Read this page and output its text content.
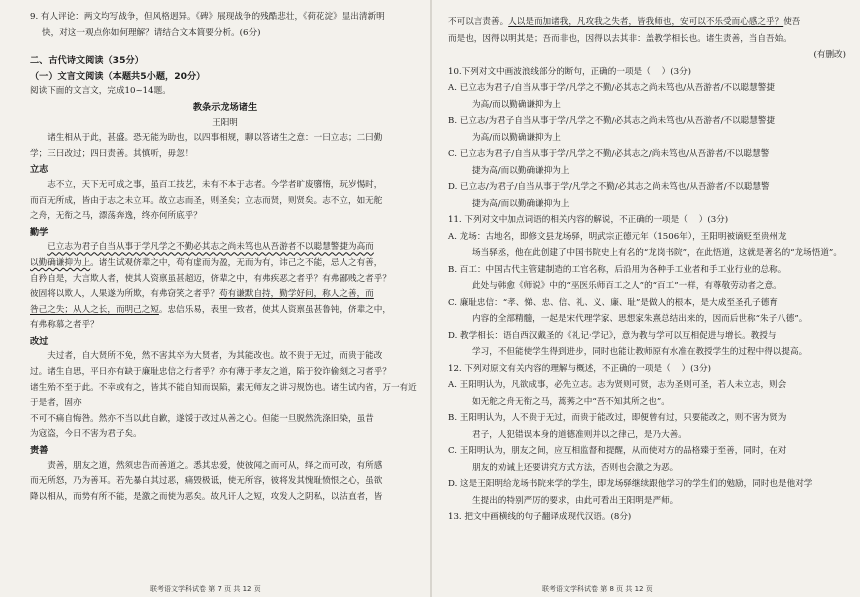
9. 有人评论：两文均写战争，但风格迥异。《碑》展现战争的残酷悲壮，《荷花淀》显出清新明

快，对这一观点你如何理解？请结合文本简要分析。(6分)

二、古代诗文阅读（35分）

（一）文言文阅读（本题共5小题，20分）

阅读下面的文言文，完成10~14题。

教条示龙场诸生

王阳明

诸生相从于此，甚盛。恐无能为助也，以四事相规，聊以答诸生之意：一曰立志；二曰勤

学；三曰改过；四曰责善。其慎听，毋忽！

立志

志不立，天下无可成之事，虽百工技艺，未有不本于志者。今学者旷废隳惰，玩岁惕时，

而百无所成，皆由于志之未立耳。故立志而圣，则圣矣；立志而贤，则贤矣。志不立，如无舵

之舟，无衔之马，漂荡奔逸，终亦何所底乎？

勤学

已立志为君子自当从事于学凡学之不勤必其志之尚未笃也从吾游者不以聪慧警捷为高而

以勤确谦抑为上。诸生试观侪辈之中，苟有虚而为盈，无而为有，讳己之不能，忌人之有善，

自矜自是，大言欺人者，使其人资禀虽甚超迈，侪辈之中，有弗疾恶之者乎？有弗鄙贱之者乎？

彼固将以欺人，人果遂为所欺，有弗窃笑之者乎？苟有谦默自持，勤学好问，称人之善，而

咎己之失；从人之长，而明己之短。忠信乐易，表里一致者，使其人资禀虽甚鲁钝，侪辈之中，

有弗称慕之者乎？

改过

夫过者，自大贤所不免，然不害其卒为大贤者，为其能改也。故不贵于无过，而贵于能改

过。诸生自思，平日亦有缺于廉耻忠信之行者乎？亦有薄于孝友之道，陷于狡诈偷刻之习者乎？

诸生殆不至于此。不幸或有之，皆其不能自知而误陷，素无师友之讲习规饬也。诸生试内省，万一有近于是者，固亦

不可不痛自悔咎。然亦不当以此自歉，遂馁于改过从善之心。但能一旦脱然洗涤旧染，虽昔

为寇盗，今日不害为君子矣。

责善

责善，朋友之道，然须忠告而善道之。悉其忠爱，使彼闻之而可从，绎之而可改，有所感

而无所怒，乃为善耳。若先暴白其过恶，痛毁极诋，使无所容，彼将发其愧耻愤恨之心，虽欲

降以相从，而势有所不能，是激之而使为恶矣。故凡讦人之短，攻发人之阴私，以沽直者，皆

联考语文学科试卷 第 7 页 共 12 页

不可以言责善。人以是而加诸我，凡攻我之失者，皆我师也，安可以不乐受而心感之乎？使吾

而是也，因得以明其是；吾而非也，因得以去其非：盖教学相长也。诸生责善，当自吾始。

(有删改)

10.下列对文中画波浪线部分的断句，正确的一项是（    ）(3分)

A. 已立志为君子/自当从事于学/凡学之不勤/必其志之尚未笃也/从吾游者/不以聪慧警捷
为高/而以勤确谦抑为上

B. 已立志/为君子自当从事于学/凡学之不勤/必其志之尚未笃也/从吾游者/不以聪慧警捷
为高/而以勤确谦抑为上

C. 已立志为君子/自当从事于学/凡学之不勤/必其志之/尚未笃也/从吾游者/不以聪慧警
捷为高/而以勤确谦抑为上

D. 已立志/为君子/自当从事于学/凡学之不勤/必其志之尚未笃也/从吾游者/不以聪慧警
捷为高/而以勤确谦抑为上

11. 下列对文中加点词语的相关内容的解说，不正确的一项是（    ）(3分)

A. 龙场：古地名，即修文县龙场驿，明武宗正德元年（1506年），王阳明被谪贬至贵州龙
场当驿丞，他在此创建了中国书院史上有名的“龙岗书院”，在此悟道，这就是著名的“龙场悟道”。

B. 百工：中国古代主管建制造的工官名称，后沿用为各种手工业者和手工业行业的总称。
此处与韩愈《师说》中的“巫医乐师百工之人”的“百工”一样，有尊敬劳动者之意。

C. 廉耻忠信：“孝、悌、忠、信、礼、义、廉、耻”是做人的根本，是大成至圣孔子德育
内容的全部精髓，一起是宋代理学家、思想家朱熹总结出来的，因而后世称“朱子八德”。

D. 教学相长：语自西汉戴圣的《礼记·学记》，意为教与学可以互相促进与增长。教授与
学习，不但能使学生得到进步，同时也能让教师原有水准在教授学生的过程中得以提高。

12. 下列对原文有关内容的理解与概述，不正确的一项是（    ）(3分)

A. 王阳明认为，凡欲成事，必先立志。志为贤则可贤，志为圣则可圣，若人未立志，则会
如无舵之舟无衔之马，蒿莠之中“吾不知其所之也”。

B. 王阳明认为，人不贵于无过，而贵于能改过，即便曾有过，只要能改之，则不害为贤为
君子，人犯错误本身的道德准则并以之律己，是乃大善。

C. 王阳明认为，朋友之间，应互相监督和提醒，从而使对方的品格臻于至善，同时，在对
朋友的劝诫上还要讲究方式方法，否则也会激之为恶。

D. 这是王阳明给龙场书院来学的学生，即龙场驿继续跟他学习的学生们的勉励，同时也是他对学
生提出的特别严厉的要求，由此可看出王阳明是严师。

13. 把文中画横线的句子翻译成现代汉语。(8分)

联考语文学科试卷 第 8 页 共 12 页
